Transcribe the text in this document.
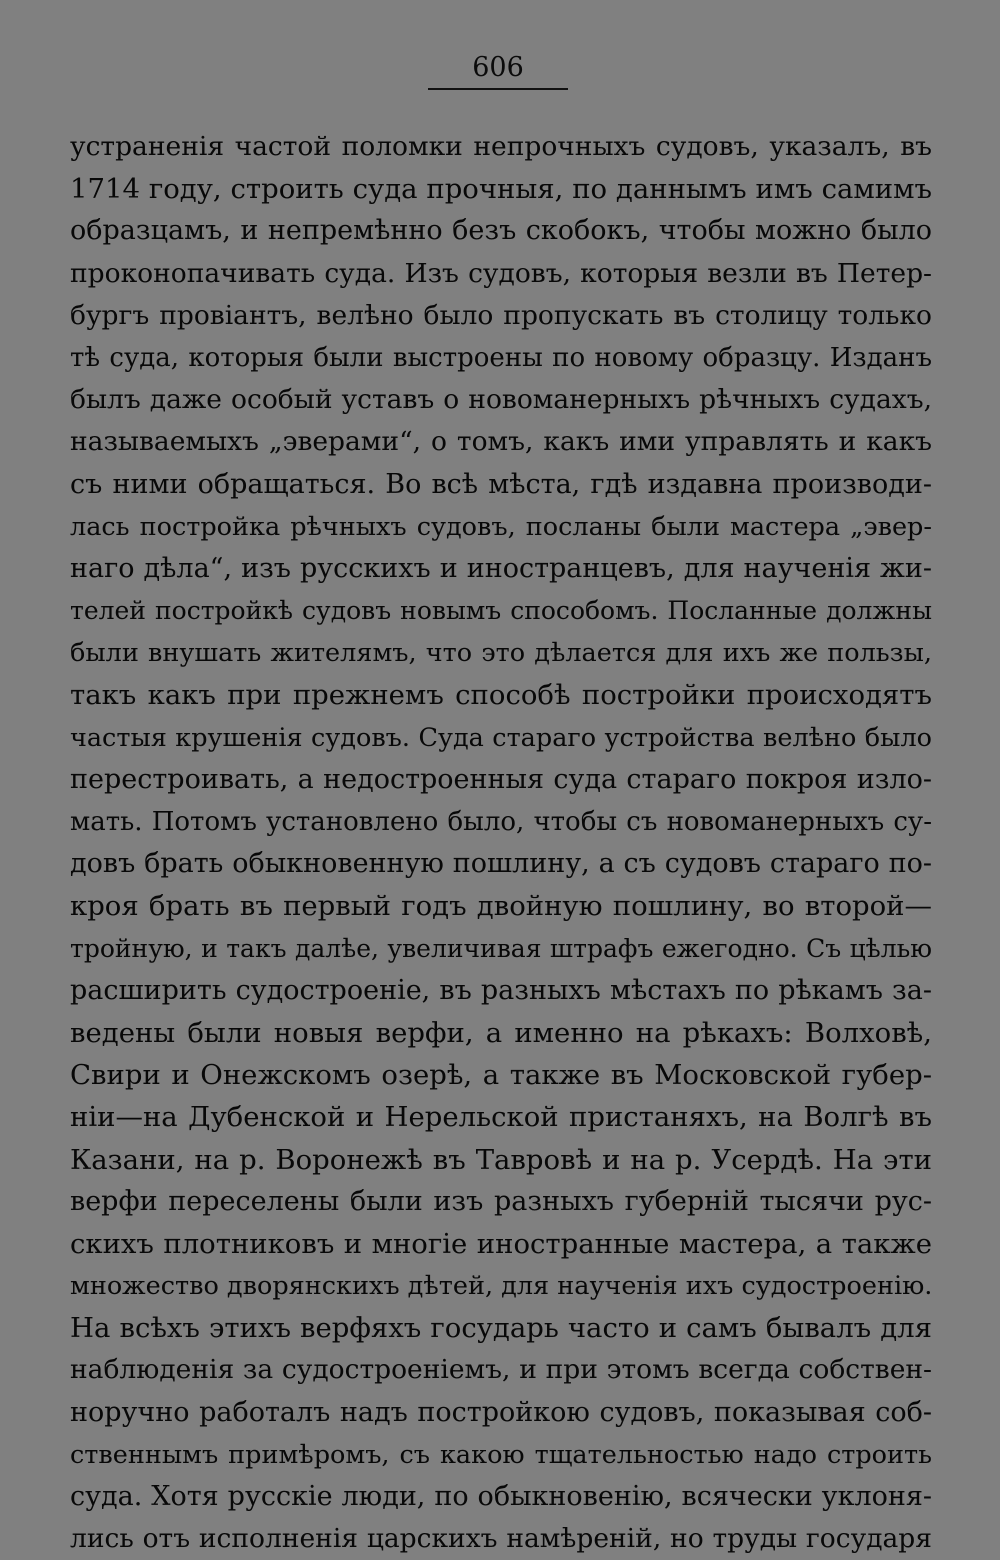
606
устраненія частой поломки непрочныхъ судовъ, указалъ, въ
1714 году, строить суда прочныя, по даннымъ имъ самимъ
образцамъ, и непремѣнно безъ скобокъ, чтобы можно было
проконопачивать суда. Изъ судовъ, которыя везли въ Петер-
бургъ провіантъ, велѣно было пропускать въ столицу только
тѣ суда, которыя были выстроены по новому образцу. Изданъ
былъ даже особый уставъ о новоманерныхъ рѣчныхъ судахъ,
называемыхъ „эверами“, о томъ, какъ ими управлять и какъ
съ ними обращаться. Во всѣ мѣста, гдѣ издавна производи-
лась постройка рѣчныхъ судовъ, посланы были мастера „эвер-
наго дѣла“, изъ русскихъ и иностранцевъ, для наученія жи-
телей постройкѣ судовъ новымъ способомъ. Посланные должны
были внушать жителямъ, что это дѣлается для ихъ же пользы,
такъ какъ при прежнемъ способѣ постройки происходятъ
частыя крушенія судовъ. Суда стараго устройства велѣно было
перестроивать, а недостроенныя суда стараго покроя изло-
мать. Потомъ установлено было, чтобы съ новоманерныхъ су-
довъ брать обыкновенную пошлину, а съ судовъ стараго по-
кроя брать въ первый годъ двойную пошлину, во второй—
тройную, и такъ далѣе, увеличивая штрафъ ежегодно. Съ цѣлью
расширить судостроеніе, въ разныхъ мѣстахъ по рѣкамъ за-
ведены были новыя верфи, а именно на рѣкахъ: Волховѣ,
Свири и Онежскомъ озерѣ, а также въ Московской губер-
ніи—на Дубенской и Нерельской пристаняхъ, на Волгѣ въ
Казани, на р. Воронежѣ въ Тавровѣ и на р. Усердѣ. На эти
верфи переселены были изъ разныхъ губерній тысячи рус-
скихъ плотниковъ и многіе иностранные мастера, а также
множество дворянскихъ дѣтей, для наученія ихъ судостроенію.
На всѣхъ этихъ верфяхъ государь часто и самъ бывалъ для
наблюденія за судостроеніемъ, и при этомъ всегда собствен-
норучно работалъ надъ постройкою судовъ, показывая соб-
ственнымъ примѣромъ, съ какою тщательностью надо строить
суда. Хотя русскіе люди, по обыкновенію, всячески уклоня-
лись отъ исполненія царскихъ намѣреній, но труды государя
